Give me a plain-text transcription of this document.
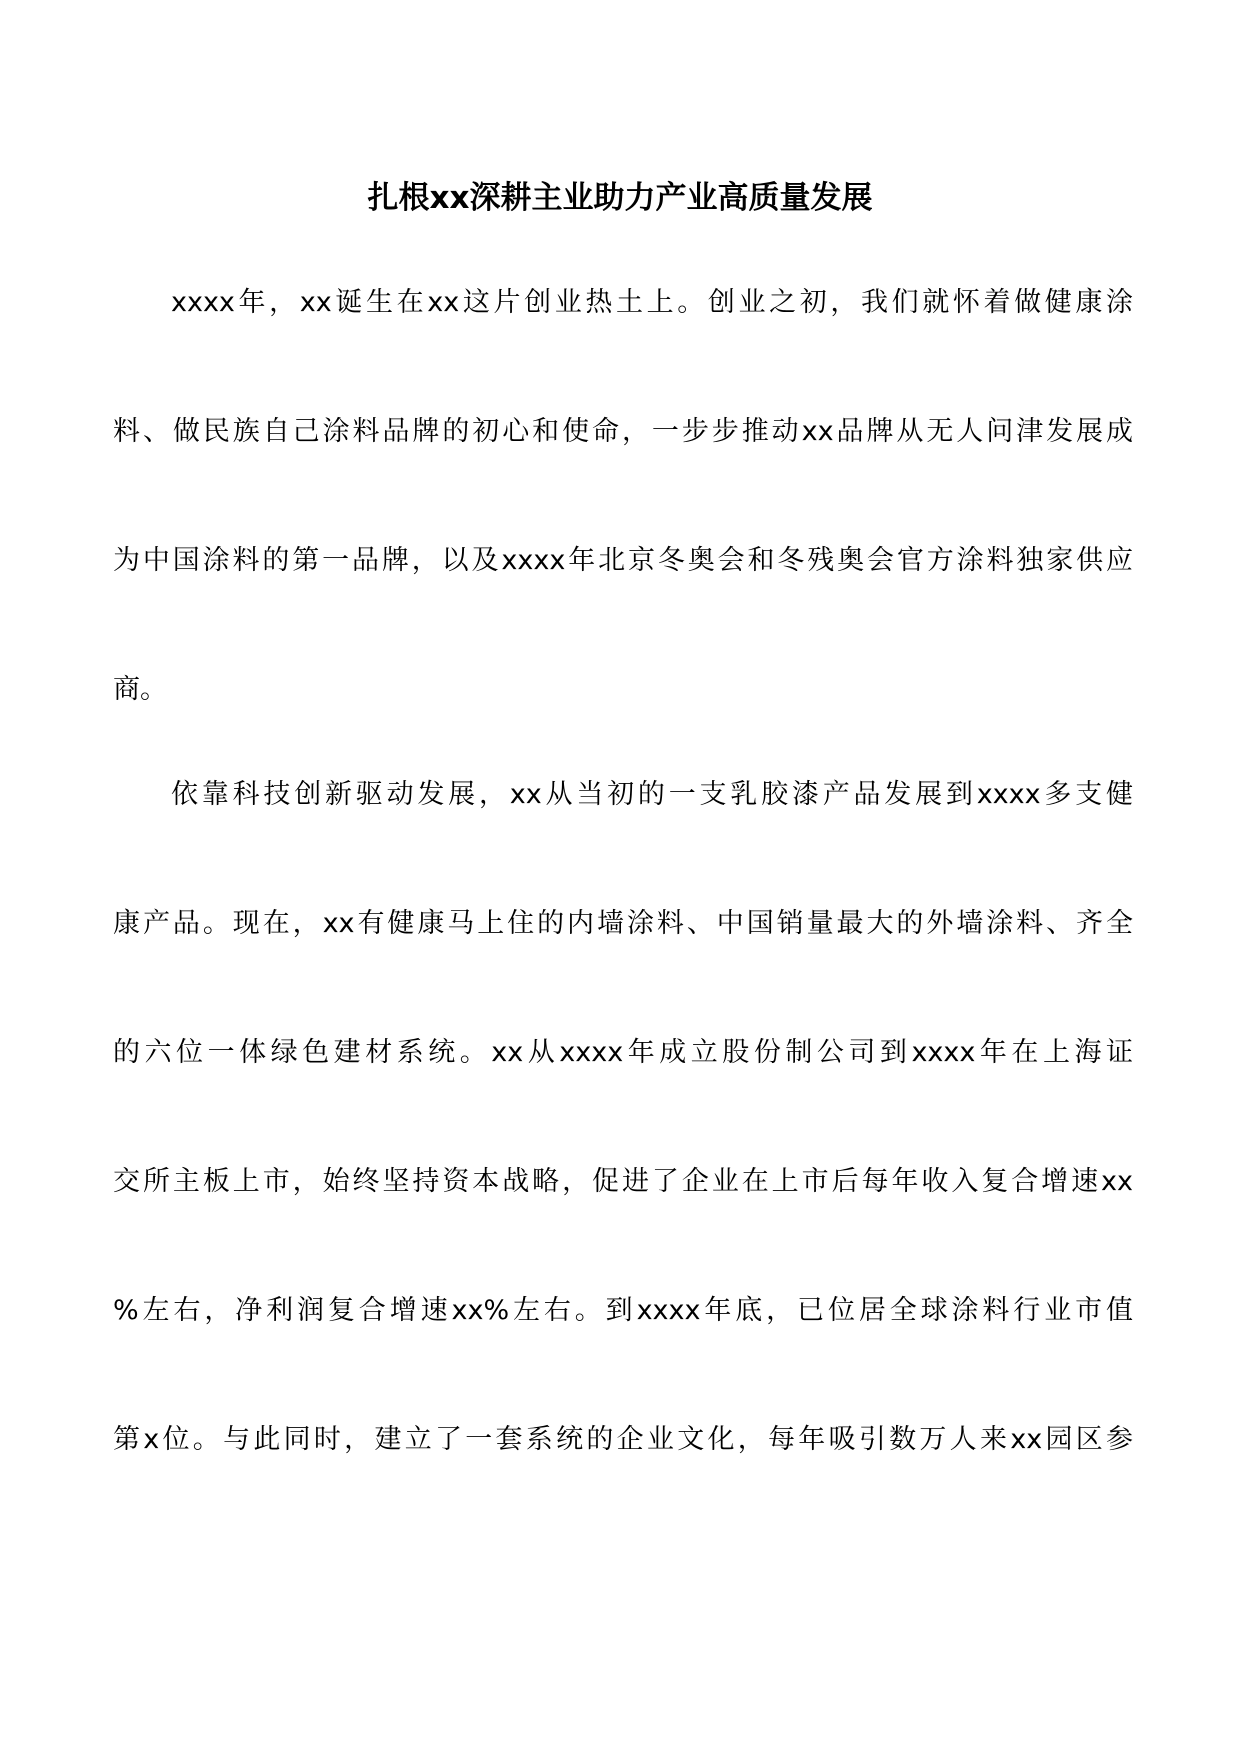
扎根xx深耕主业助力产业高质量发展
xxxx年，xx诞生在xx这片创业热土上。创业之初，我们就怀着做健康涂
料、做民族自己涂料品牌的初心和使命，一步步推动xx品牌从无人问津发展成
为中国涂料的第一品牌，以及xxxx年北京冬奥会和冬残奥会官方涂料独家供应
商。
依靠科技创新驱动发展，xx从当初的一支乳胶漆产品发展到xxxx多支健
康产品。现在，xx有健康马上住的内墙涂料、中国销量最大的外墙涂料、齐全
的六位一体绿色建材系统。xx从xxxx年成立股份制公司到xxxx年在上海证
交所主板上市，始终坚持资本战略，促进了企业在上市后每年收入复合增速xx
%左右，净利润复合增速xx%左右。到xxxx年底，已位居全球涂料行业市值
第x位。与此同时，建立了一套系统的企业文化，每年吸引数万人来xx园区参
